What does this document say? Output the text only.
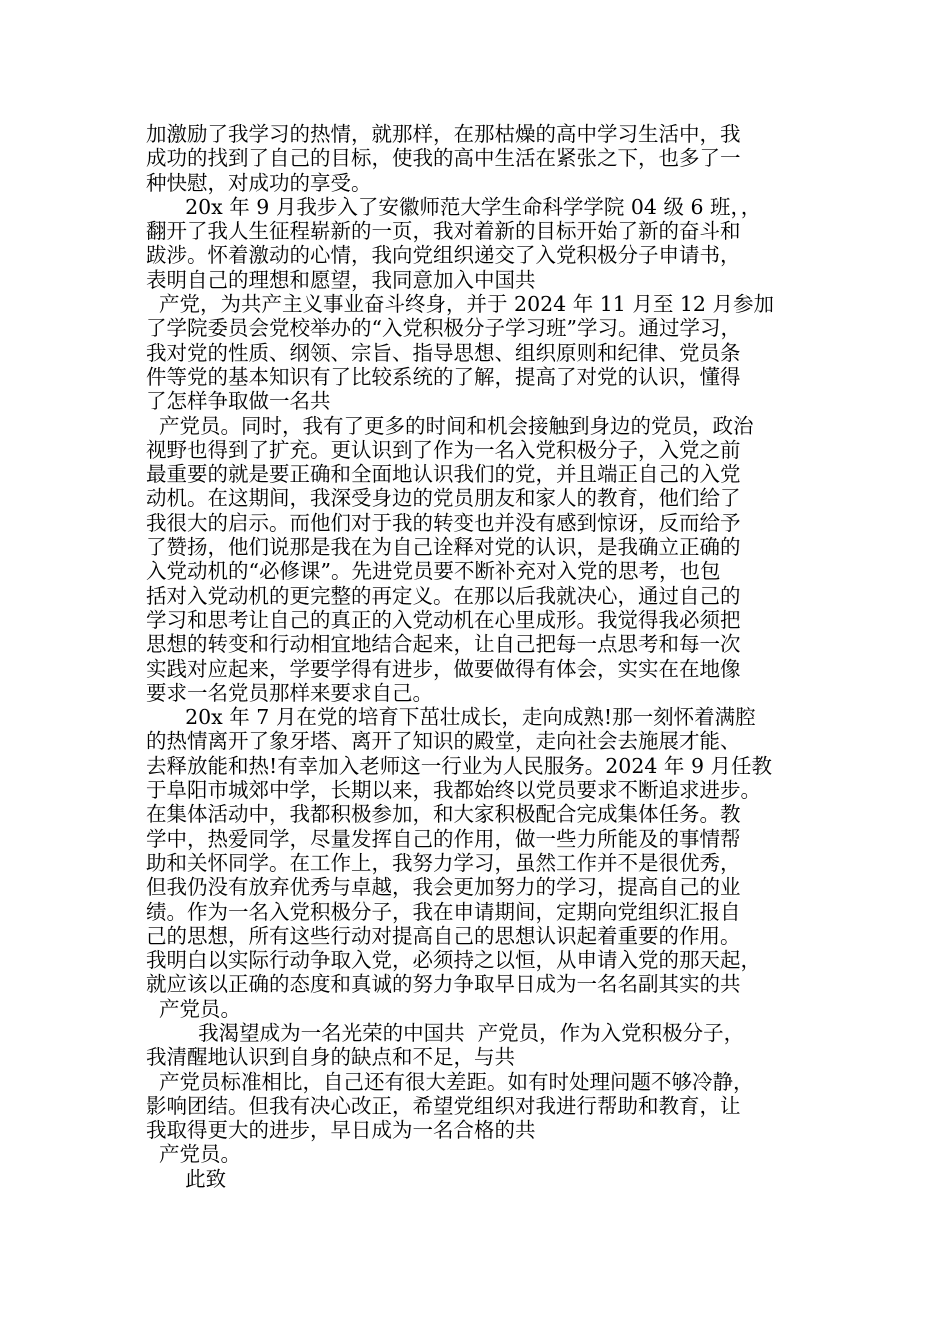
加激励了我学习的热情，就那样，在那枯燥的高中学习生活中，我
成功的找到了自己的目标，使我的高中生活在紧张之下，也多了一
种快慰，对成功的享受。
20x 年 9 月我步入了安徽师范大学生命科学学院 04 级 6 班，，
翻开了我人生征程崭新的一页，我对着新的目标开始了新的奋斗和
跋涉。怀着激动的心情，我向党组织递交了入党积极分子申请书，
表明自己的理想和愿望，我同意加入中国共
产党，为共产主义事业奋斗终身，并于 2024 年 11 月至 12 月参加
了学院委员会党校举办的“入党积极分子学习班”学习。通过学习，
我对党的性质、纲领、宗旨、指导思想、组织原则和纪律、党员条
件等党的基本知识有了比较系统的了解，提高了对党的认识，懂得
了怎样争取做一名共
产党员。同时，我有了更多的时间和机会接触到身边的党员，政治
视野也得到了扩充。更认识到了作为一名入党积极分子，入党之前
最重要的就是要正确和全面地认识我们的党，并且端正自己的入党
动机。在这期间，我深受身边的党员朋友和家人的教育，他们给了
我很大的启示。而他们对于我的转变也并没有感到惊讶，反而给予
了赞扬，他们说那是我在为自己诠释对党的认识，是我确立正确的
入党动机的“必修课”。先进党员要不断补充对入党的思考，也包
括对入党动机的更完整的再定义。在那以后我就决心，通过自己的
学习和思考让自己的真正的入党动机在心里成形。我觉得我必须把
思想的转变和行动相宜地结合起来，让自己把每一点思考和每一次
实践对应起来，学要学得有进步，做要做得有体会，实实在在地像
要求一名党员那样来要求自己。
20x 年 7 月在党的培育下茁壮成长，走向成熟!那一刻怀着满腔
的热情离开了象牙塔、离开了知识的殿堂，走向社会去施展才能、
去释放能和热!有幸加入老师这一行业为人民服务。2024 年 9 月任教
于阜阳市城郊中学，长期以来，我都始终以党员要求不断追求进步。
在集体活动中，我都积极参加，和大家积极配合完成集体任务。教
学中，热爱同学，尽量发挥自己的作用，做一些力所能及的事情帮
助和关怀同学。在工作上，我努力学习，虽然工作并不是很优秀，
但我仍没有放弃优秀与卓越，我会更加努力的学习，提高自己的业
绩。作为一名入党积极分子，我在申请期间，定期向党组织汇报自
己的思想，所有这些行动对提高自己的思想认识起着重要的作用。
我明白以实际行动争取入党，必须持之以恒，从申请入党的那天起，
就应该以正确的态度和真诚的努力争取早日成为一名名副其实的共
产党员。
我渴望成为一名光荣的中国共  产党员，作为入党积极分子，
我清醒地认识到自身的缺点和不足，与共
产党员标准相比，自己还有很大差距。如有时处理问题不够冷静，
影响团结。但我有决心改正，希望党组织对我进行帮助和教育，让
我取得更大的进步，早日成为一名合格的共
产党员。
此致
